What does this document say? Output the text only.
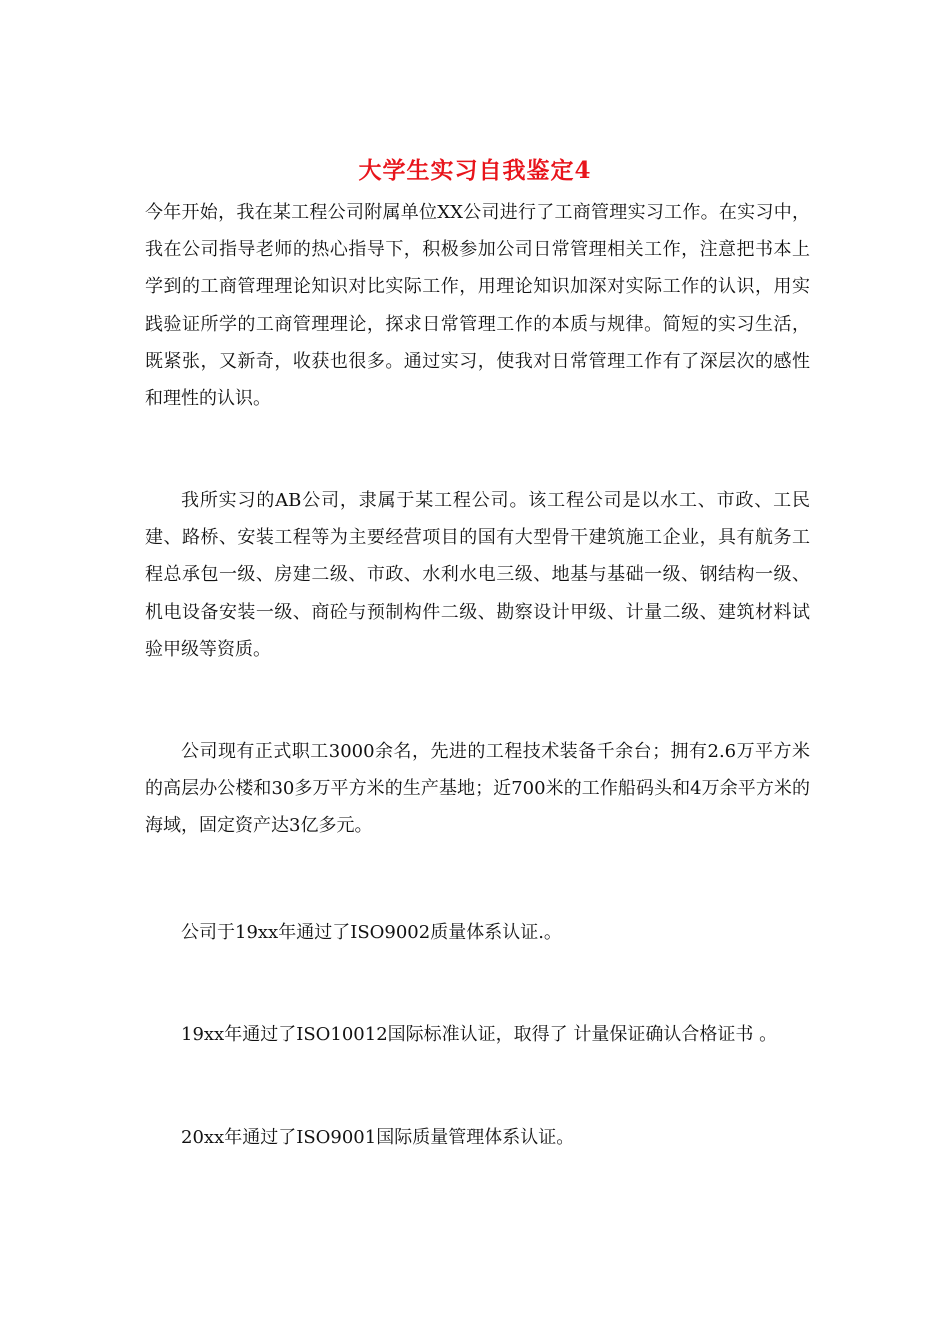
大学生实习自我鉴定4

今年开始，我在某工程公司附属单位XX公司进行了工商管理实习工作。在实习中，我在公司指导老师的热心指导下，积极参加公司日常管理相关工作，注意把书本上学到的工商管理理论知识对比实际工作，用理论知识加深对实际工作的认识，用实践验证所学的工商管理理论，探求日常管理工作的本质与规律。简短的实习生活，既紧张，又新奇，收获也很多。通过实习，使我对日常管理工作有了深层次的感性和理性的认识。

我所实习的AB公司，隶属于某工程公司。该工程公司是以水工、市政、工民建、路桥、安装工程等为主要经营项目的国有大型骨干建筑施工企业，具有航务工程总承包一级、房建二级、市政、水利水电三级、地基与基础一级、钢结构一级、机电设备安装一级、商砼与预制构件二级、勘察设计甲级、计量二级、建筑材料试验甲级等资质。

公司现有正式职工3000余名，先进的工程技术装备千余台；拥有2.6万平方米的高层办公楼和30多万平方米的生产基地；近700米的工作船码头和4万余平方米的海域，固定资产达3亿多元。

公司于19xx年通过了ISO9002质量体系认证.。

19xx年通过了ISO10012国际标准认证，取得了 计量保证确认合格证书 。

20xx年通过了ISO9001国际质量管理体系认证。
